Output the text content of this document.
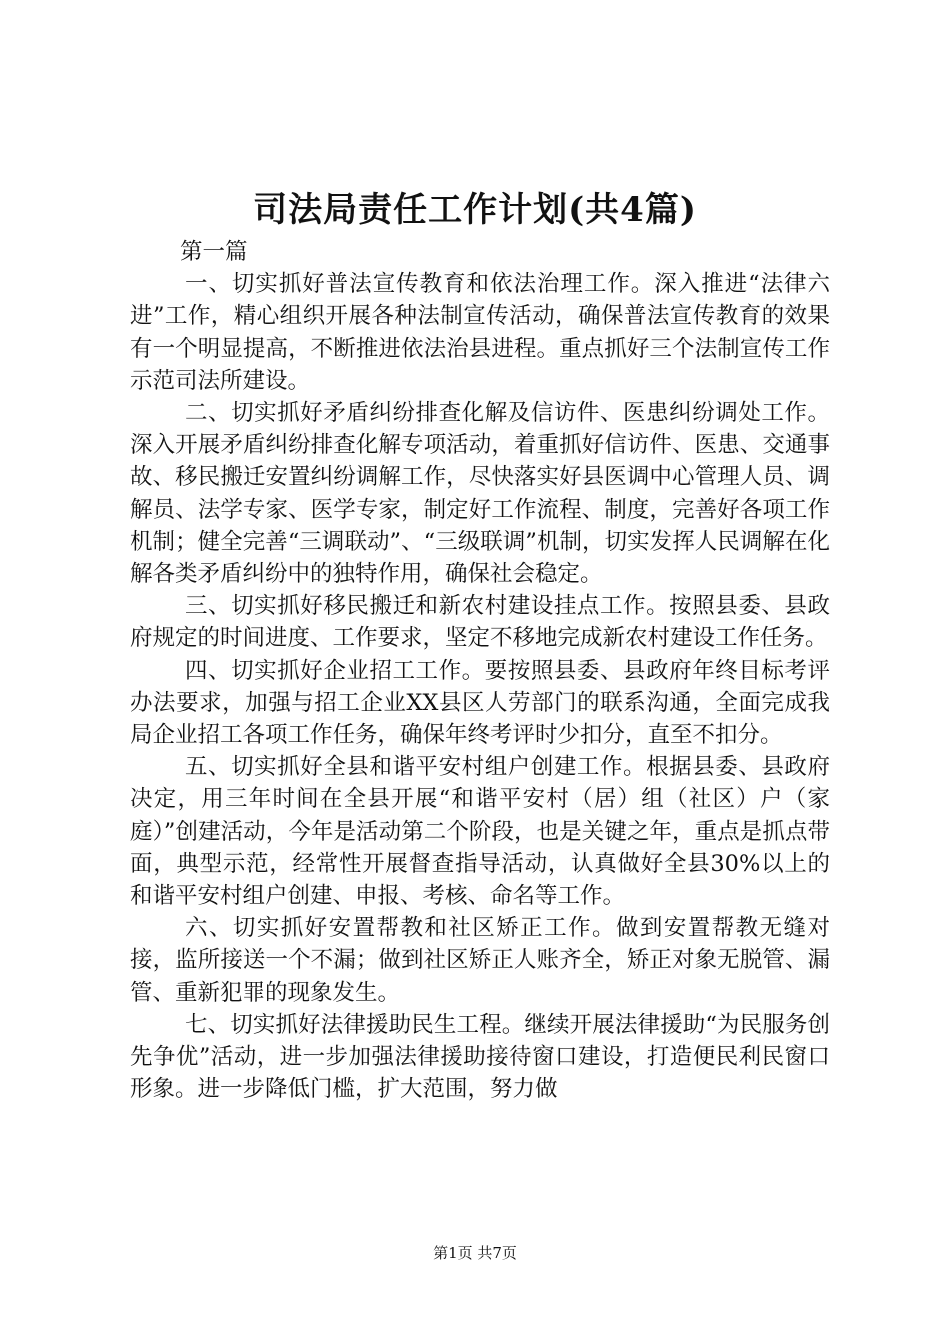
司法局责任工作计划(共4篇)

第一篇

一、切实抓好普法宣传教育和依法治理工作。深入推进“法律六进”工作，精心组织开展各种法制宣传活动，确保普法宣传教育的效果有一个明显提高，不断推进依法治县进程。重点抓好三个法制宣传工作示范司法所建设。

二、切实抓好矛盾纠纷排查化解及信访件、医患纠纷调处工作。深入开展矛盾纠纷排查化解专项活动，着重抓好信访件、医患、交通事故、移民搬迁安置纠纷调解工作，尽快落实好县医调中心管理人员、调解员、法学专家、医学专家，制定好工作流程、制度，完善好各项工作机制；健全完善“三调联动”、“三级联调”机制，切实发挥人民调解在化解各类矛盾纠纷中的独特作用，确保社会稳定。

三、切实抓好移民搬迁和新农村建设挂点工作。按照县委、县政府规定的时间进度、工作要求，坚定不移地完成新农村建设工作任务。

四、切实抓好企业招工工作。要按照县委、县政府年终目标考评办法要求，加强与招工企业XX县区人劳部门的联系沟通，全面完成我局企业招工各项工作任务，确保年终考评时少扣分，直至不扣分。

五、切实抓好全县和谐平安村组户创建工作。根据县委、县政府决定，用三年时间在全县开展“和谐平安村（居）组（社区）户（家庭）”创建活动，今年是活动第二个阶段，也是关键之年，重点是抓点带面，典型示范，经常性开展督查指导活动，认真做好全县30%以上的和谐平安村组户创建、申报、考核、命名等工作。

六、切实抓好安置帮教和社区矫正工作。做到安置帮教无缝对接，监所接送一个不漏；做到社区矫正人账齐全，矫正对象无脱管、漏管、重新犯罪的现象发生。

七、切实抓好法律援助民生工程。继续开展法律援助“为民服务创先争优”活动，进一步加强法律援助接待窗口建设，打造便民利民窗口形象。进一步降低门槛，扩大范围，努力做

第1页 共7页
